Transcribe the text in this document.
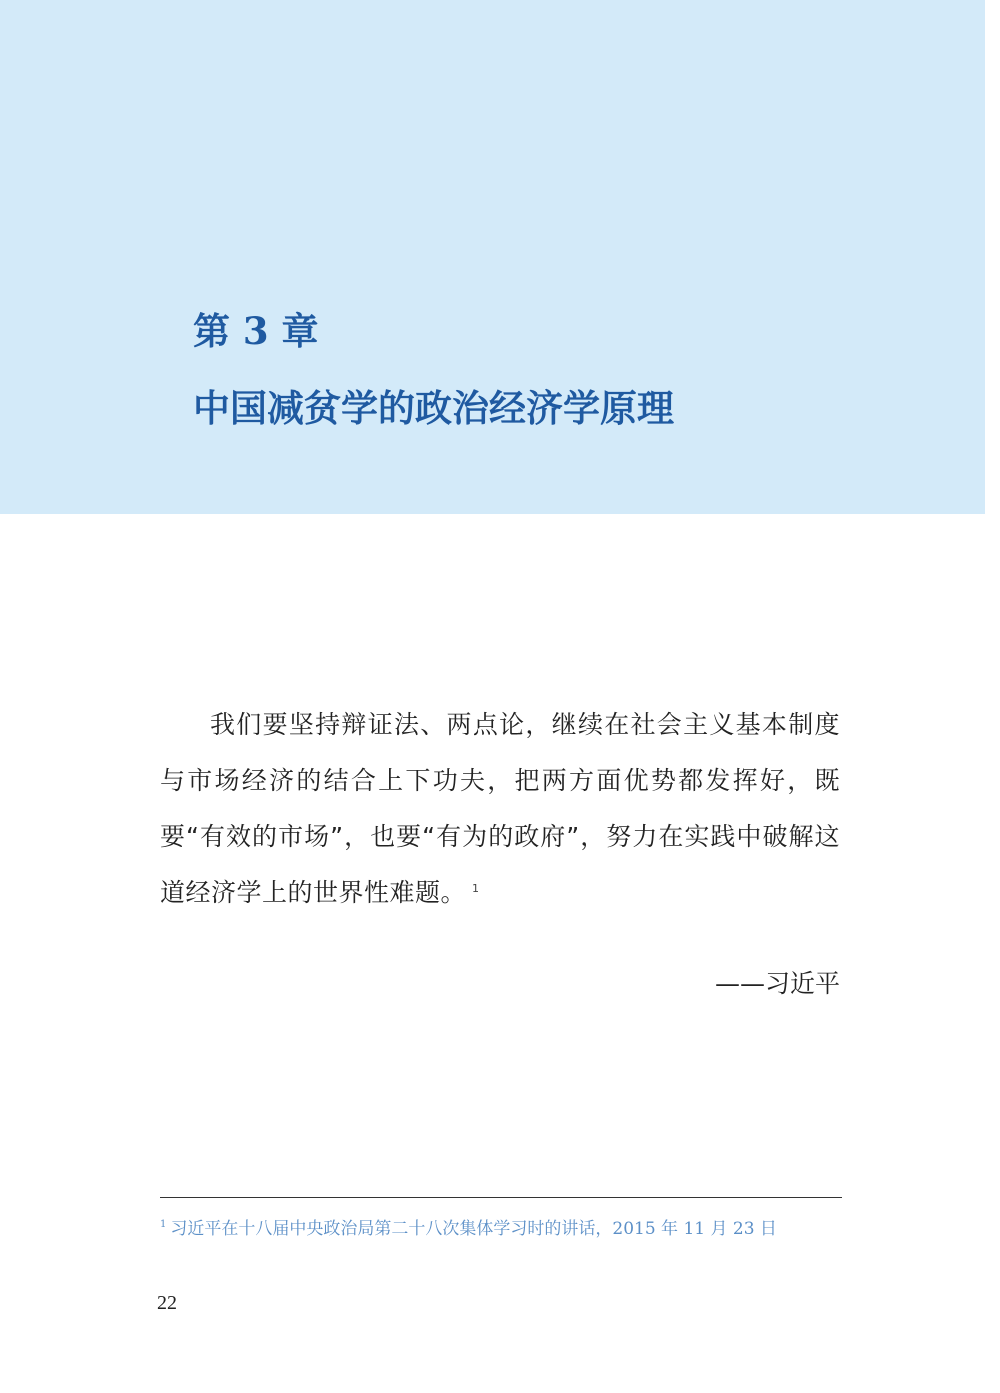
第 3 章
中国减贫学的政治经济学原理

我们要坚持辩证法、两点论，继续在社会主义基本制度与市场经济的结合上下功夫，把两方面优势都发挥好，既要“有效的市场”，也要“有为的政府”，努力在实践中破解这道经济学上的世界性难题。 $^1$

——习近平

$^1$ 习近平在十八届中央政治局第二十八次集体学习时的讲话，2015 年 11 月 23 日

22
